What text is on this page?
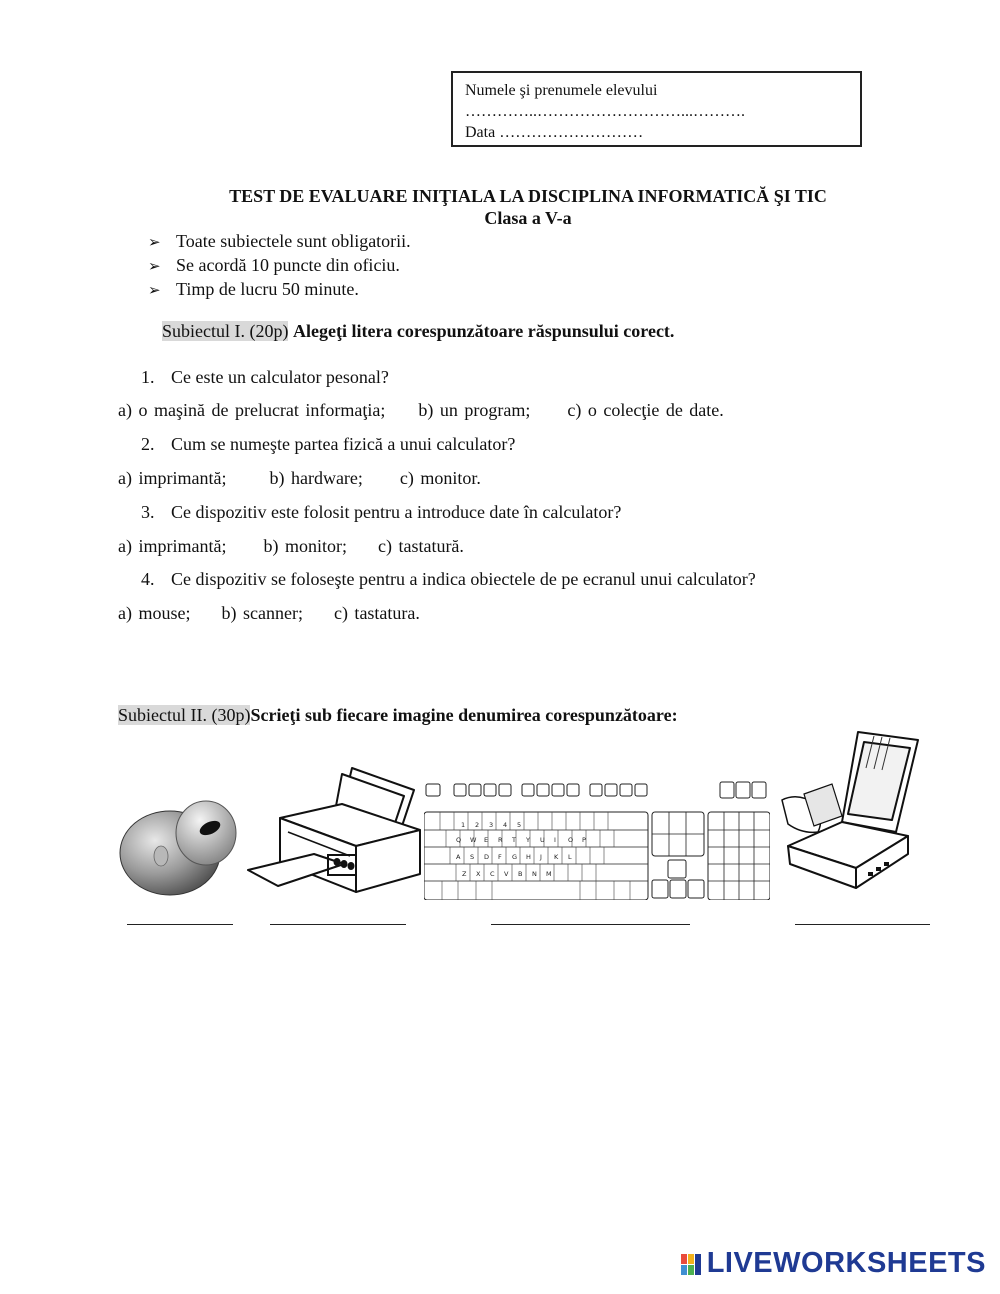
Numele şi prenumele elevului
…………..………………………...……….
Data ………………………
TEST DE EVALUARE INIŢIALA LA DISCIPLINA INFORMATICĂ ŞI TIC
Clasa a V-a
➢ Toate subiectele sunt obligatorii.
➢ Se acordă 10 puncte din oficiu.
➢ Timp de lucru 50 minute.
Subiectul I. (20p) Alegeţi litera corespunzătoare răspunsului corect.
1. Ce este un calculator pesonal?
a) o maşină de prelucrat informaţia; b) un program; c) o colecţie de date.
2. Cum se numeşte partea fizică a unui calculator?
a) imprimantă; b) hardware; c) monitor.
3. Ce dispozitiv este folosit pentru a introduce date în calculator?
a) imprimantă; b) monitor; c) tastatură.
4. Ce dispozitiv se foloseşte pentru a indica obiectele de pe ecranul unui calculator?
a) mouse; b) scanner; c) tastatura.
Subiectul II. (30p)Scrieţi sub fiecare imagine denumirea corespunzătoare:
1 2 3 4 5
Q W E R T Y U I O P
A S D F G H J K L
Z X C V B N M
LIVEWORKSHEETS
